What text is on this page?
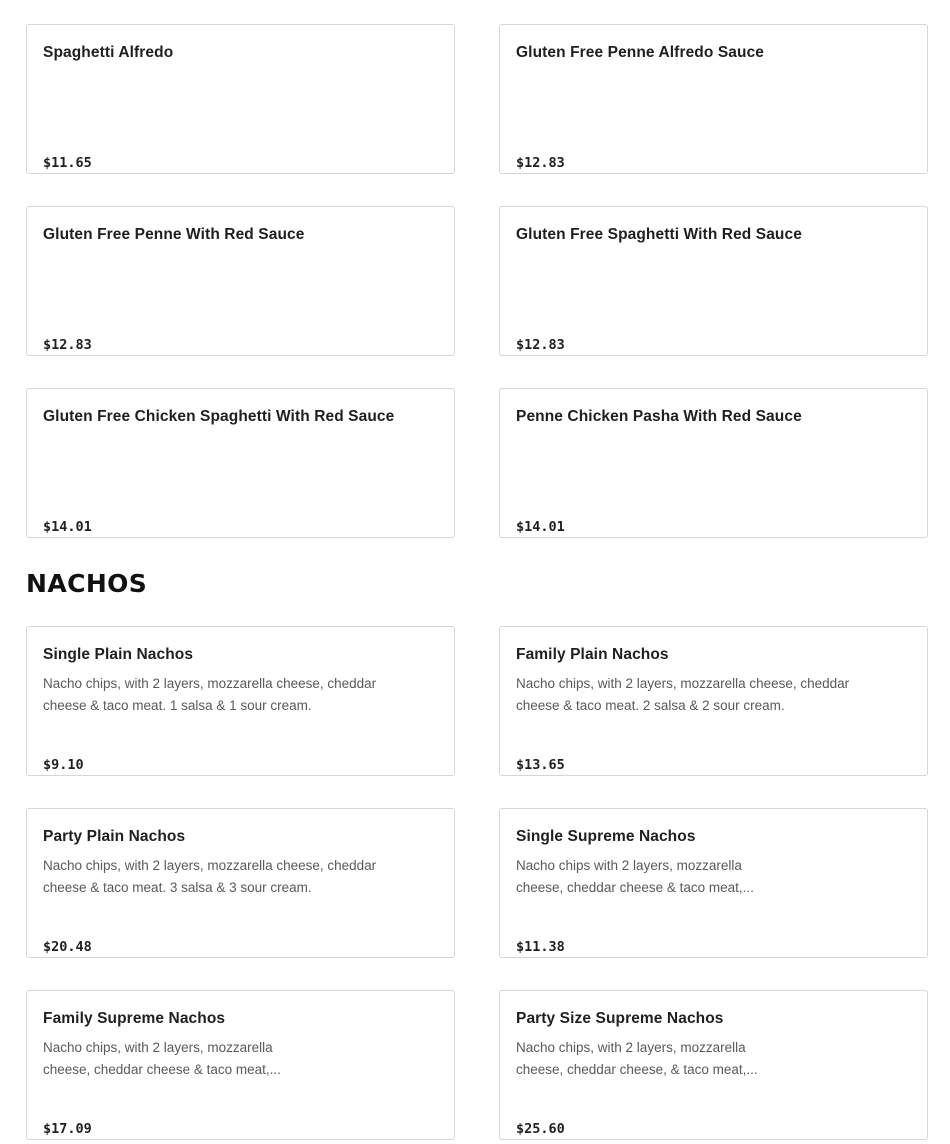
Spaghetti Alfredo
$11.65
Gluten Free Penne Alfredo Sauce
$12.83
Gluten Free Penne With Red Sauce
$12.83
Gluten Free Spaghetti With Red Sauce
$12.83
Gluten Free Chicken Spaghetti With Red Sauce
$14.01
Penne Chicken Pasha With Red Sauce
$14.01
NACHOS
Single Plain Nachos
Nacho chips, with 2 layers, mozzarella cheese, cheddar
cheese & taco meat. 1 salsa & 1 sour cream.
$9.10
Family Plain Nachos
Nacho chips, with 2 layers, mozzarella cheese, cheddar
cheese & taco meat. 2 salsa & 2 sour cream.
$13.65
Party Plain Nachos
Nacho chips, with 2 layers, mozzarella cheese, cheddar
cheese & taco meat. 3 salsa & 3 sour cream.
$20.48
Single Supreme Nachos
Nacho chips with 2 layers, mozzarella
cheese, cheddar cheese & taco meat,...
$11.38
Family Supreme Nachos
Nacho chips, with 2 layers, mozzarella
cheese, cheddar cheese & taco meat,...
$17.09
Party Size Supreme Nachos
Nacho chips, with 2 layers, mozzarella
cheese, cheddar cheese, & taco meat,...
$25.60
